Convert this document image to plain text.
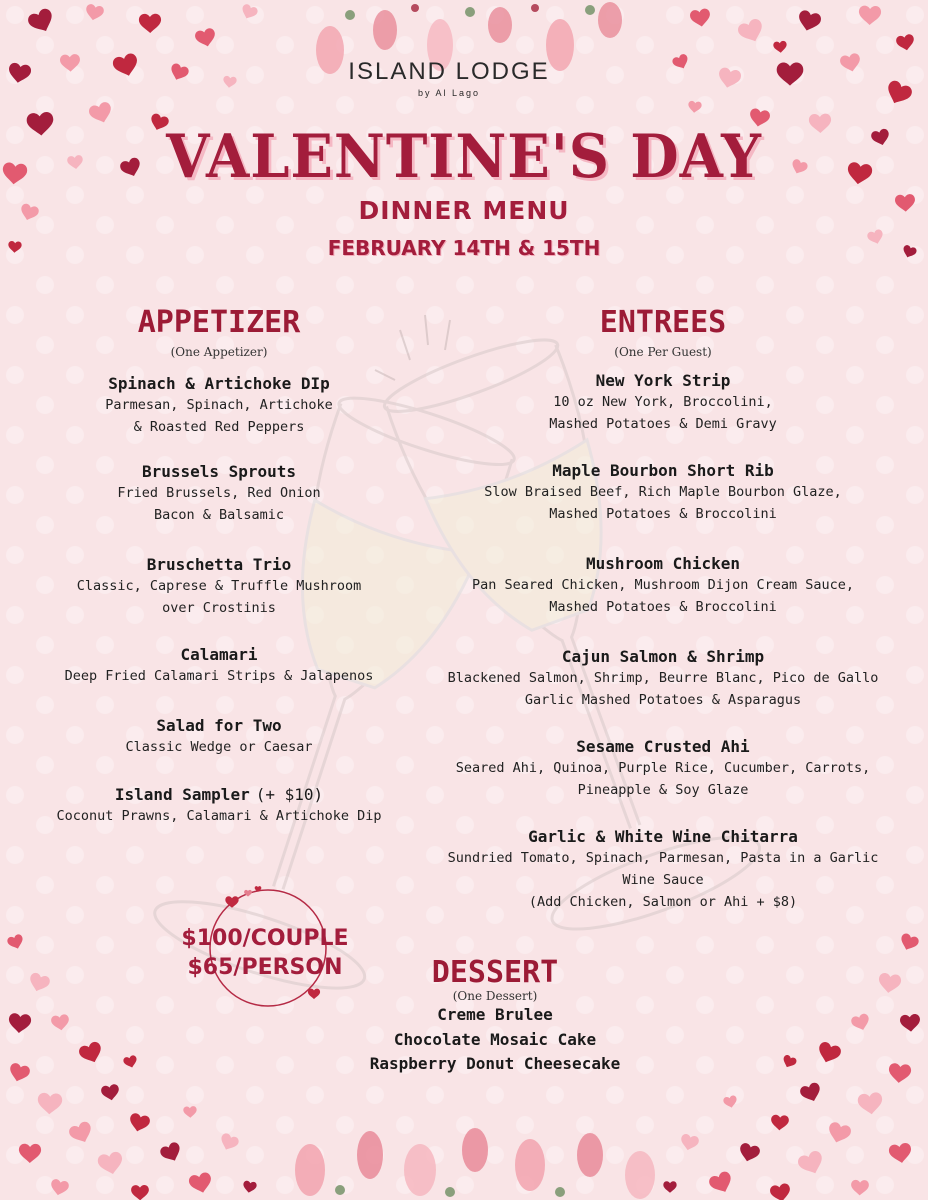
ISLAND LODGE
by Al Lago
VALENTINE'S DAY
DINNER MENU
FEBRUARY 14TH & 15TH
APPETIZER
(One Appetizer)
Spinach & Artichoke DIp
Parmesan, Spinach, Artichoke
& Roasted Red Peppers
Brussels Sprouts
Fried Brussels, Red Onion
Bacon & Balsamic
Bruschetta Trio
Classic, Caprese & Truffle Mushroom
over Crostinis
Calamari
Deep Fried Calamari Strips & Jalapenos
Salad for Two
Classic Wedge or Caesar
Island Sampler (+ $10)
Coconut Prawns, Calamari & Artichoke Dip
ENTREES
(One Per Guest)
New York Strip
10 oz New York, Broccolini,
Mashed Potatoes & Demi Gravy
Maple Bourbon Short Rib
Slow Braised Beef, Rich Maple Bourbon Glaze,
Mashed Potatoes & Broccolini
Mushroom Chicken
Pan Seared Chicken, Mushroom Dijon Cream Sauce,
Mashed Potatoes & Broccolini
Cajun Salmon & Shrimp
Blackened Salmon, Shrimp, Beurre Blanc, Pico de Gallo
Garlic Mashed Potatoes & Asparagus
Sesame Crusted Ahi
Seared Ahi, Quinoa, Purple Rice, Cucumber, Carrots,
Pineapple & Soy Glaze
Garlic & White Wine Chitarra
Sundried Tomato, Spinach, Parmesan, Pasta in a Garlic
Wine Sauce
(Add Chicken, Salmon or Ahi + $8)
$100/COUPLE
$65/PERSON	DESSERT
(One Dessert)
Creme Brulee
Chocolate Mosaic Cake
Raspberry Donut Cheesecake
